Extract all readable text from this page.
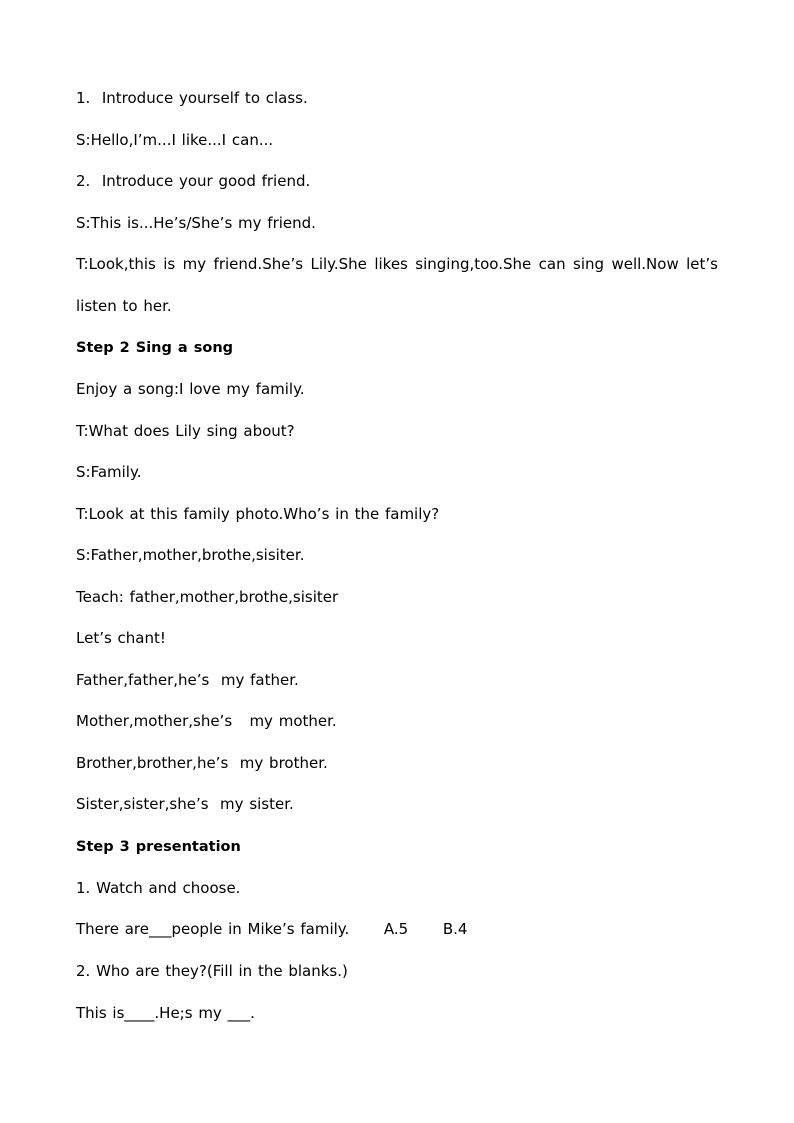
1.  Introduce yourself to class.
S:Hello,I’m...I like...I can...
2.  Introduce your good friend.
S:This is...He’s/She’s my friend.
T:Look,this is my friend.She’s Lily.She likes singing,too.She can sing well.Now let’s
listen to her.
Step 2 Sing a song
Enjoy a song:I love my family.
T:What does Lily sing about?
S:Family.
T:Look at this family photo.Who’s in the family?
S:Father,mother,brothe,sisiter.
Teach: father,mother,brothe,sisiter
Let’s chant!
Father,father,he’s  my father.
Mother,mother,she’s   my mother.
Brother,brother,he’s  my brother.
Sister,sister,she’s  my sister.
Step 3 presentation
1. Watch and choose.
There are___people in Mike’s family.      A.5      B.4
2. Who are they?(Fill in the blanks.)
This is____.He;s my ___.
